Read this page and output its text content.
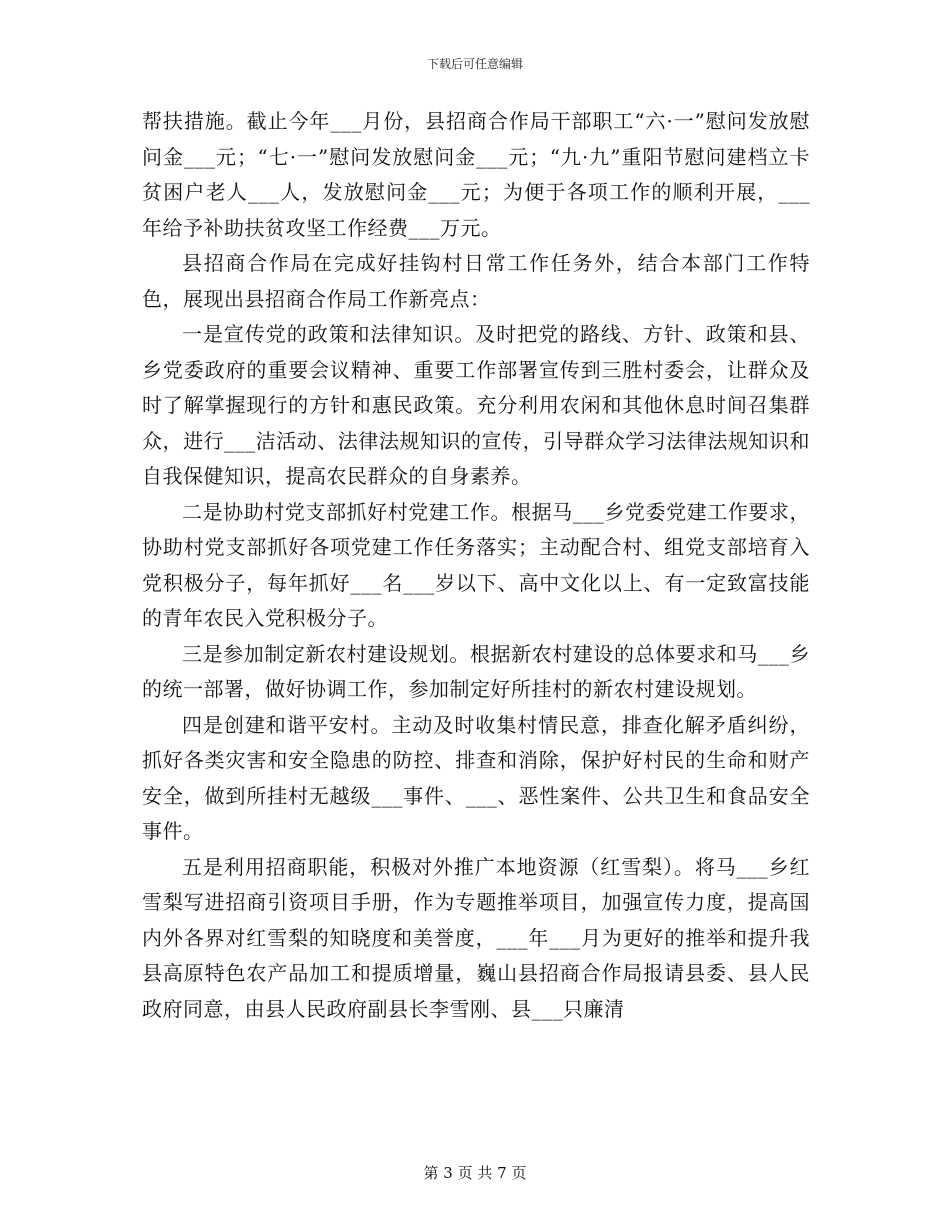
下载后可任意编辑

帮扶措施。截止今年___月份，县招商合作局干部职工“六·一”慰问发放慰问金___元；“七·一”慰问发放慰问金___元；“九·九”重阳节慰问建档立卡贫困户老人___人，发放慰问金___元；为便于各项工作的顺利开展，___年给予补助扶贫攻坚工作经费___万元。

县招商合作局在完成好挂钩村日常工作任务外，结合本部门工作特色，展现出县招商合作局工作新亮点：

一是宣传党的政策和法律知识。及时把党的路线、方针、政策和县、乡党委政府的重要会议精神、重要工作部署宣传到三胜村委会，让群众及时了解掌握现行的方针和惠民政策。充分利用农闲和其他休息时间召集群众，进行___洁活动、法律法规知识的宣传，引导群众学习法律法规知识和自我保健知识，提高农民群众的自身素养。

二是协助村党支部抓好村党建工作。根据马___乡党委党建工作要求，协助村党支部抓好各项党建工作任务落实；主动配合村、组党支部培育入党积极分子，每年抓好___名___岁以下、高中文化以上、有一定致富技能的青年农民入党积极分子。

三是参加制定新农村建设规划。根据新农村建设的总体要求和马___乡的统一部署，做好协调工作，参加制定好所挂村的新农村建设规划。

四是创建和谐平安村。主动及时收集村情民意，排查化解矛盾纠纷，抓好各类灾害和安全隐患的防控、排查和消除，保护好村民的生命和财产安全，做到所挂村无越级___事件、___、恶性案件、公共卫生和食品安全事件。

五是利用招商职能，积极对外推广本地资源（红雪梨）。将马___乡红雪梨写进招商引资项目手册，作为专题推举项目，加强宣传力度，提高国内外各界对红雪梨的知晓度和美誉度，___年___月为更好的推举和提升我县高原特色农产品加工和提质增量，巍山县招商合作局报请县委、县人民政府同意，由县人民政府副县长李雪刚、县___只廉清

第 3 页 共 7 页
